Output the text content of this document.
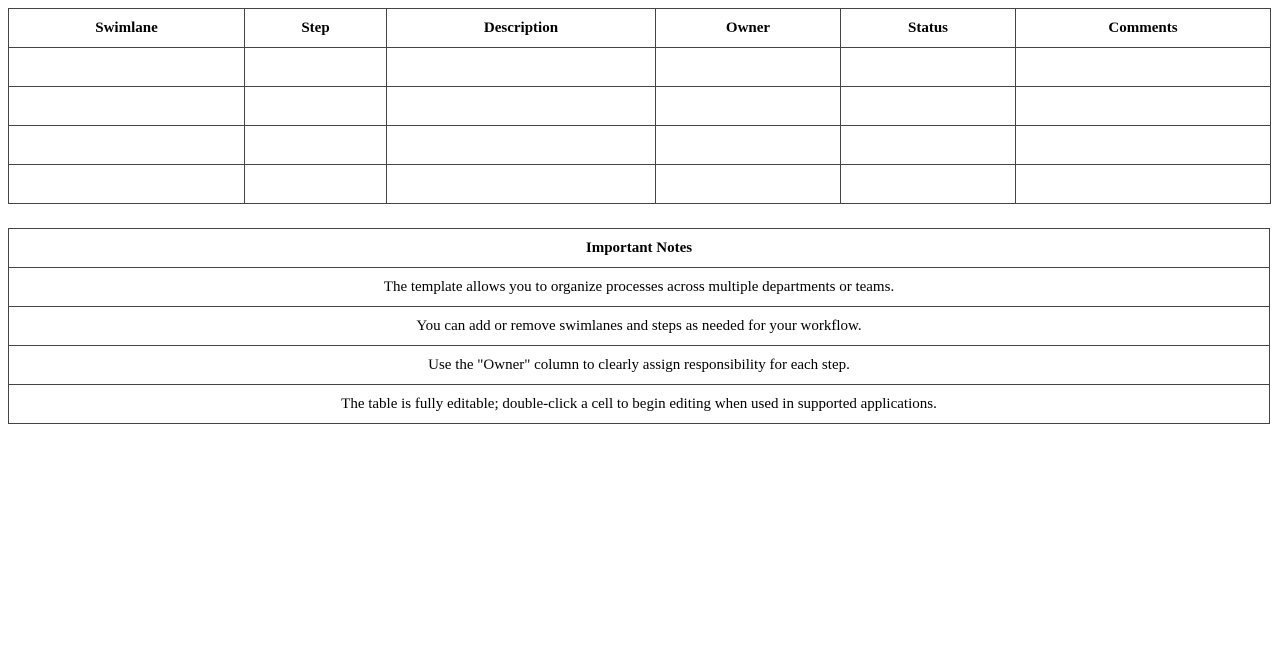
Swimlane	Step	Description	Owner	Status	Comments

Important Notes
The template allows you to organize processes across multiple departments or teams.
You can add or remove swimlanes and steps as needed for your workflow.
Use the "Owner" column to clearly assign responsibility for each step.
The table is fully editable; double-click a cell to begin editing when used in supported applications.
